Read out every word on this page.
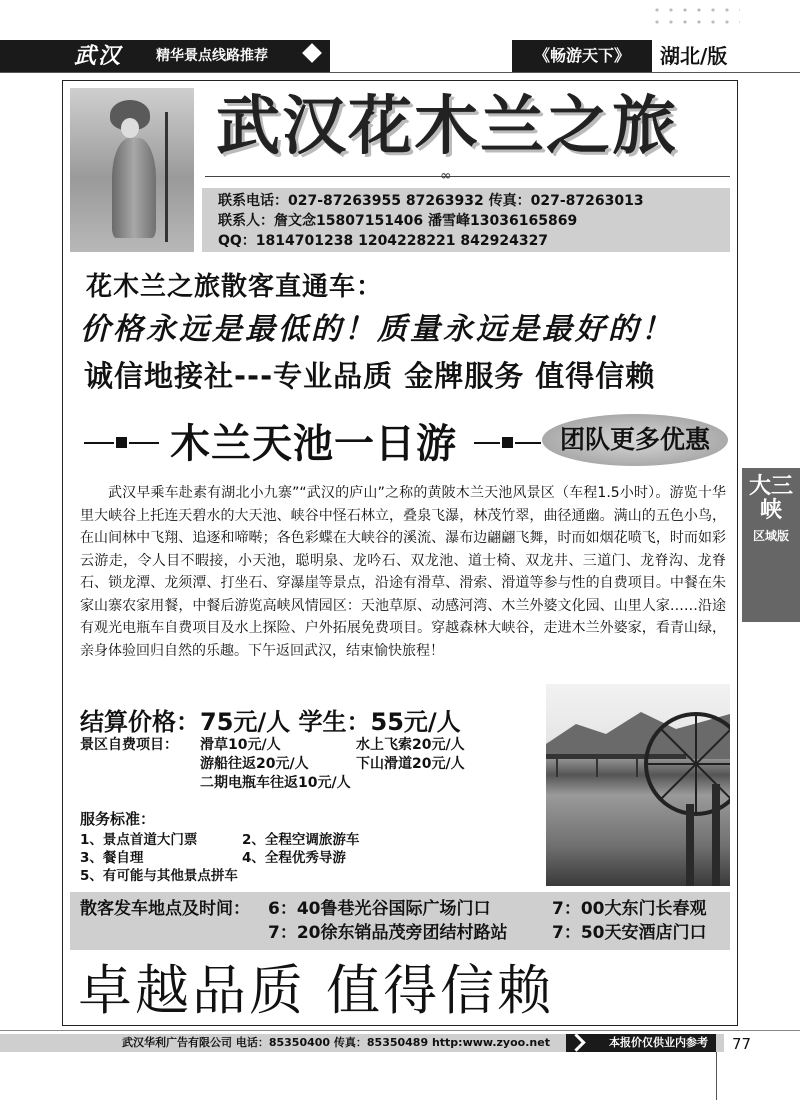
武汉 精华景点线路推荐	《畅游天下》	湖北/版
武汉花木兰之旅
∞
联系电话：027-87263955 87263932 传真：027-87263013
联系人：詹文念15807151406 潘雪峰13036165869
QQ：1814701238 1204228221 842924327
花木兰之旅散客直通车：
价格永远是最低的！质量永远是最好的！
诚信地接社---专业品质 金牌服务 值得信赖
木兰天池一日游	团队更多优惠

武汉早乘车赴素有湖北小九寨”“武汉的庐山”之称的黄陂木兰天池风景区（车程1.5小时）。游览十华里大峡谷上托连天碧水的大天池、峡谷中怪石林立，叠泉飞瀑，林茂竹翠，曲径通幽。满山的五色小鸟，在山间林中飞翔、追逐和啼啭；各色彩蝶在大峡谷的溪流、瀑布边翩翩飞舞，时而如烟花喷飞，时而如彩云游走，令人目不暇接，小天池，聪明泉、龙吟石、双龙池、道士椅、双龙井、三道门、龙脊沟、龙脊石、锁龙潭、龙须潭、打坐石、穿瀑崖等景点，沿途有滑草、滑索、滑道等参与性的自费项目。中餐在朱家山寨农家用餐，中餐后游览高峡风情园区：天池草原、动感河湾、木兰外婆文化园、山里人家……沿途有观光电瓶车自费项目及水上探险、户外拓展免费项目。穿越森林大峡谷，走进木兰外婆家，看青山绿，亲身体验回归自然的乐趣。下午返回武汉，结束愉快旅程！

结算价格：75元/人 学生：55元/人
景区自费项目： 滑草10元/人	水上飞索20元/人
游船往返20元/人	下山滑道20元/人
二期电瓶车往返10元/人
服务标准：
1、景点首道大门票	2、全程空调旅游车
3、餐自理	4、全程优秀导游
5、有可能与其他景点拼车
散客发车地点及时间： 6：40鲁巷光谷国际广场门口	7：00大东门长春观
7：20徐东销品茂旁团结村路站	7：50天安酒店门口
卓越品质 值得信赖
大三峡
区域版
武汉华利广告有限公司 电话：85350400 传真：85350489 http:www.zyoo.net	本报价仅供业内参考	77
